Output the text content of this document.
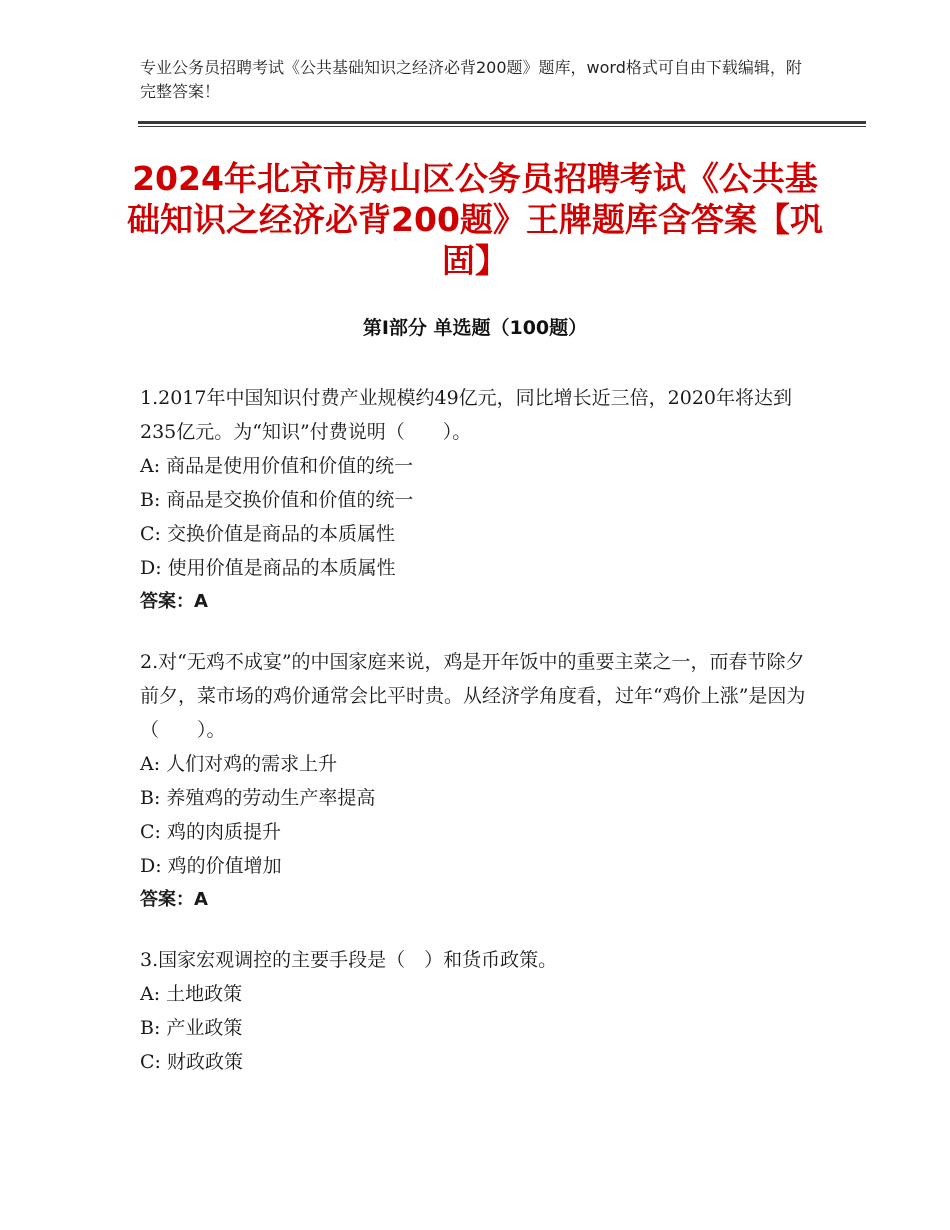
专业公务员招聘考试《公共基础知识之经济必背200题》题库，word格式可自由下载编辑，附完整答案！
2024年北京市房山区公务员招聘考试《公共基础知识之经济必背200题》王牌题库含答案【巩固】
第I部分 单选题（100题）

1.2017年中国知识付费产业规模约49亿元，同比增长近三倍，2020年将达到235亿元。为“知识”付费说明（　　）。

A: 商品是使用价值和价值的统一

B: 商品是交换价值和价值的统一

C: 交换价值是商品的本质属性

D: 使用价值是商品的本质属性

答案：A

2.对“无鸡不成宴”的中国家庭来说，鸡是开年饭中的重要主菜之一，而春节除夕前夕，菜市场的鸡价通常会比平时贵。从经济学角度看，过年“鸡价上涨”是因为（　　）。

A: 人们对鸡的需求上升

B: 养殖鸡的劳动生产率提高

C: 鸡的肉质提升

D: 鸡的价值增加

答案：A

3.国家宏观调控的主要手段是（　）和货币政策。

A: 土地政策

B: 产业政策

C: 财政政策
